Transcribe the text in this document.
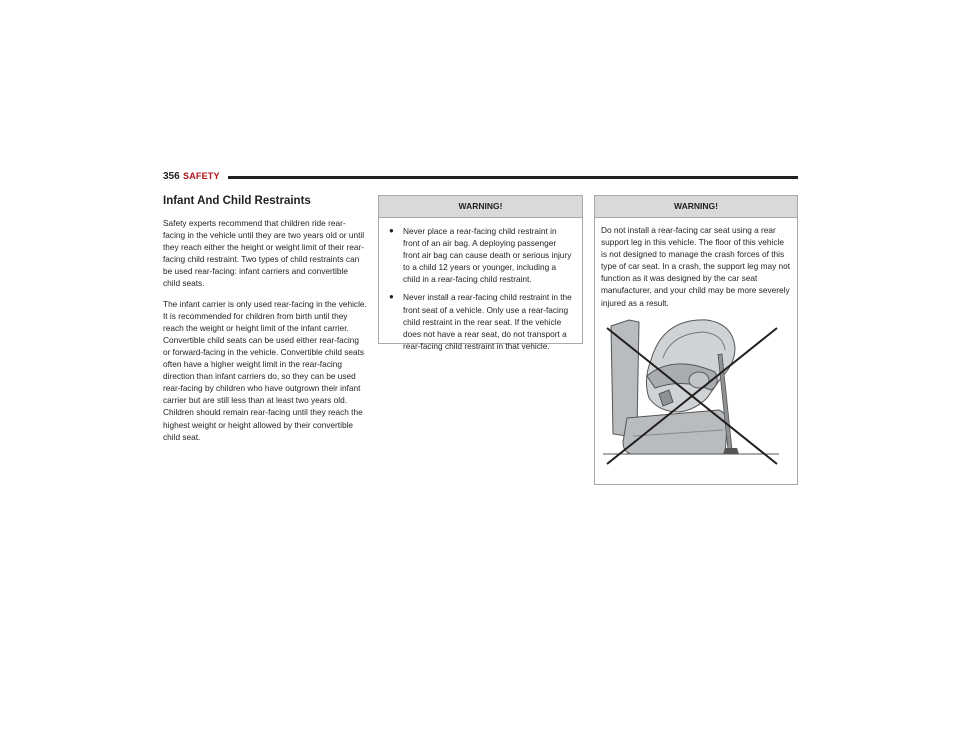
356 SAFETY
Infant And Child Restraints

Safety experts recommend that children ride rear-facing in the vehicle until they are two years old or until they reach either the height or weight limit of their rear-facing child restraint. Two types of child restraints can be used rear-facing: infant carriers and convertible child seats.

The infant carrier is only used rear-facing in the vehicle. It is recommended for children from birth until they reach the weight or height limit of the infant carrier. Convertible child seats can be used either rear-facing or forward-facing in the vehicle. Convertible child seats often have a higher weight limit in the rear-facing direction than infant carriers do, so they can be used rear-facing by children who have outgrown their infant carrier but are still less than at least two years old. Children should remain rear-facing until they reach the highest weight or height allowed by their convertible child seat.

WARNING!
● Never place a rear-facing child restraint in front of an air bag. A deploying passenger front air bag can cause death or serious injury to a child 12 years or younger, including a child in a rear-facing child restraint.
● Never install a rear-facing child restraint in the front seat of a vehicle. Only use a rear-facing child restraint in the rear seat. If the vehicle does not have a rear seat, do not transport a rear-facing child restraint in that vehicle.
WARNING!

Do not install a rear-facing car seat using a rear support leg in this vehicle. The floor of this vehicle is not designed to manage the crash forces of this type of car seat. In a crash, the support leg may not function as it was designed by the car seat manufacturer, and your child may be more severely injured as a result.
